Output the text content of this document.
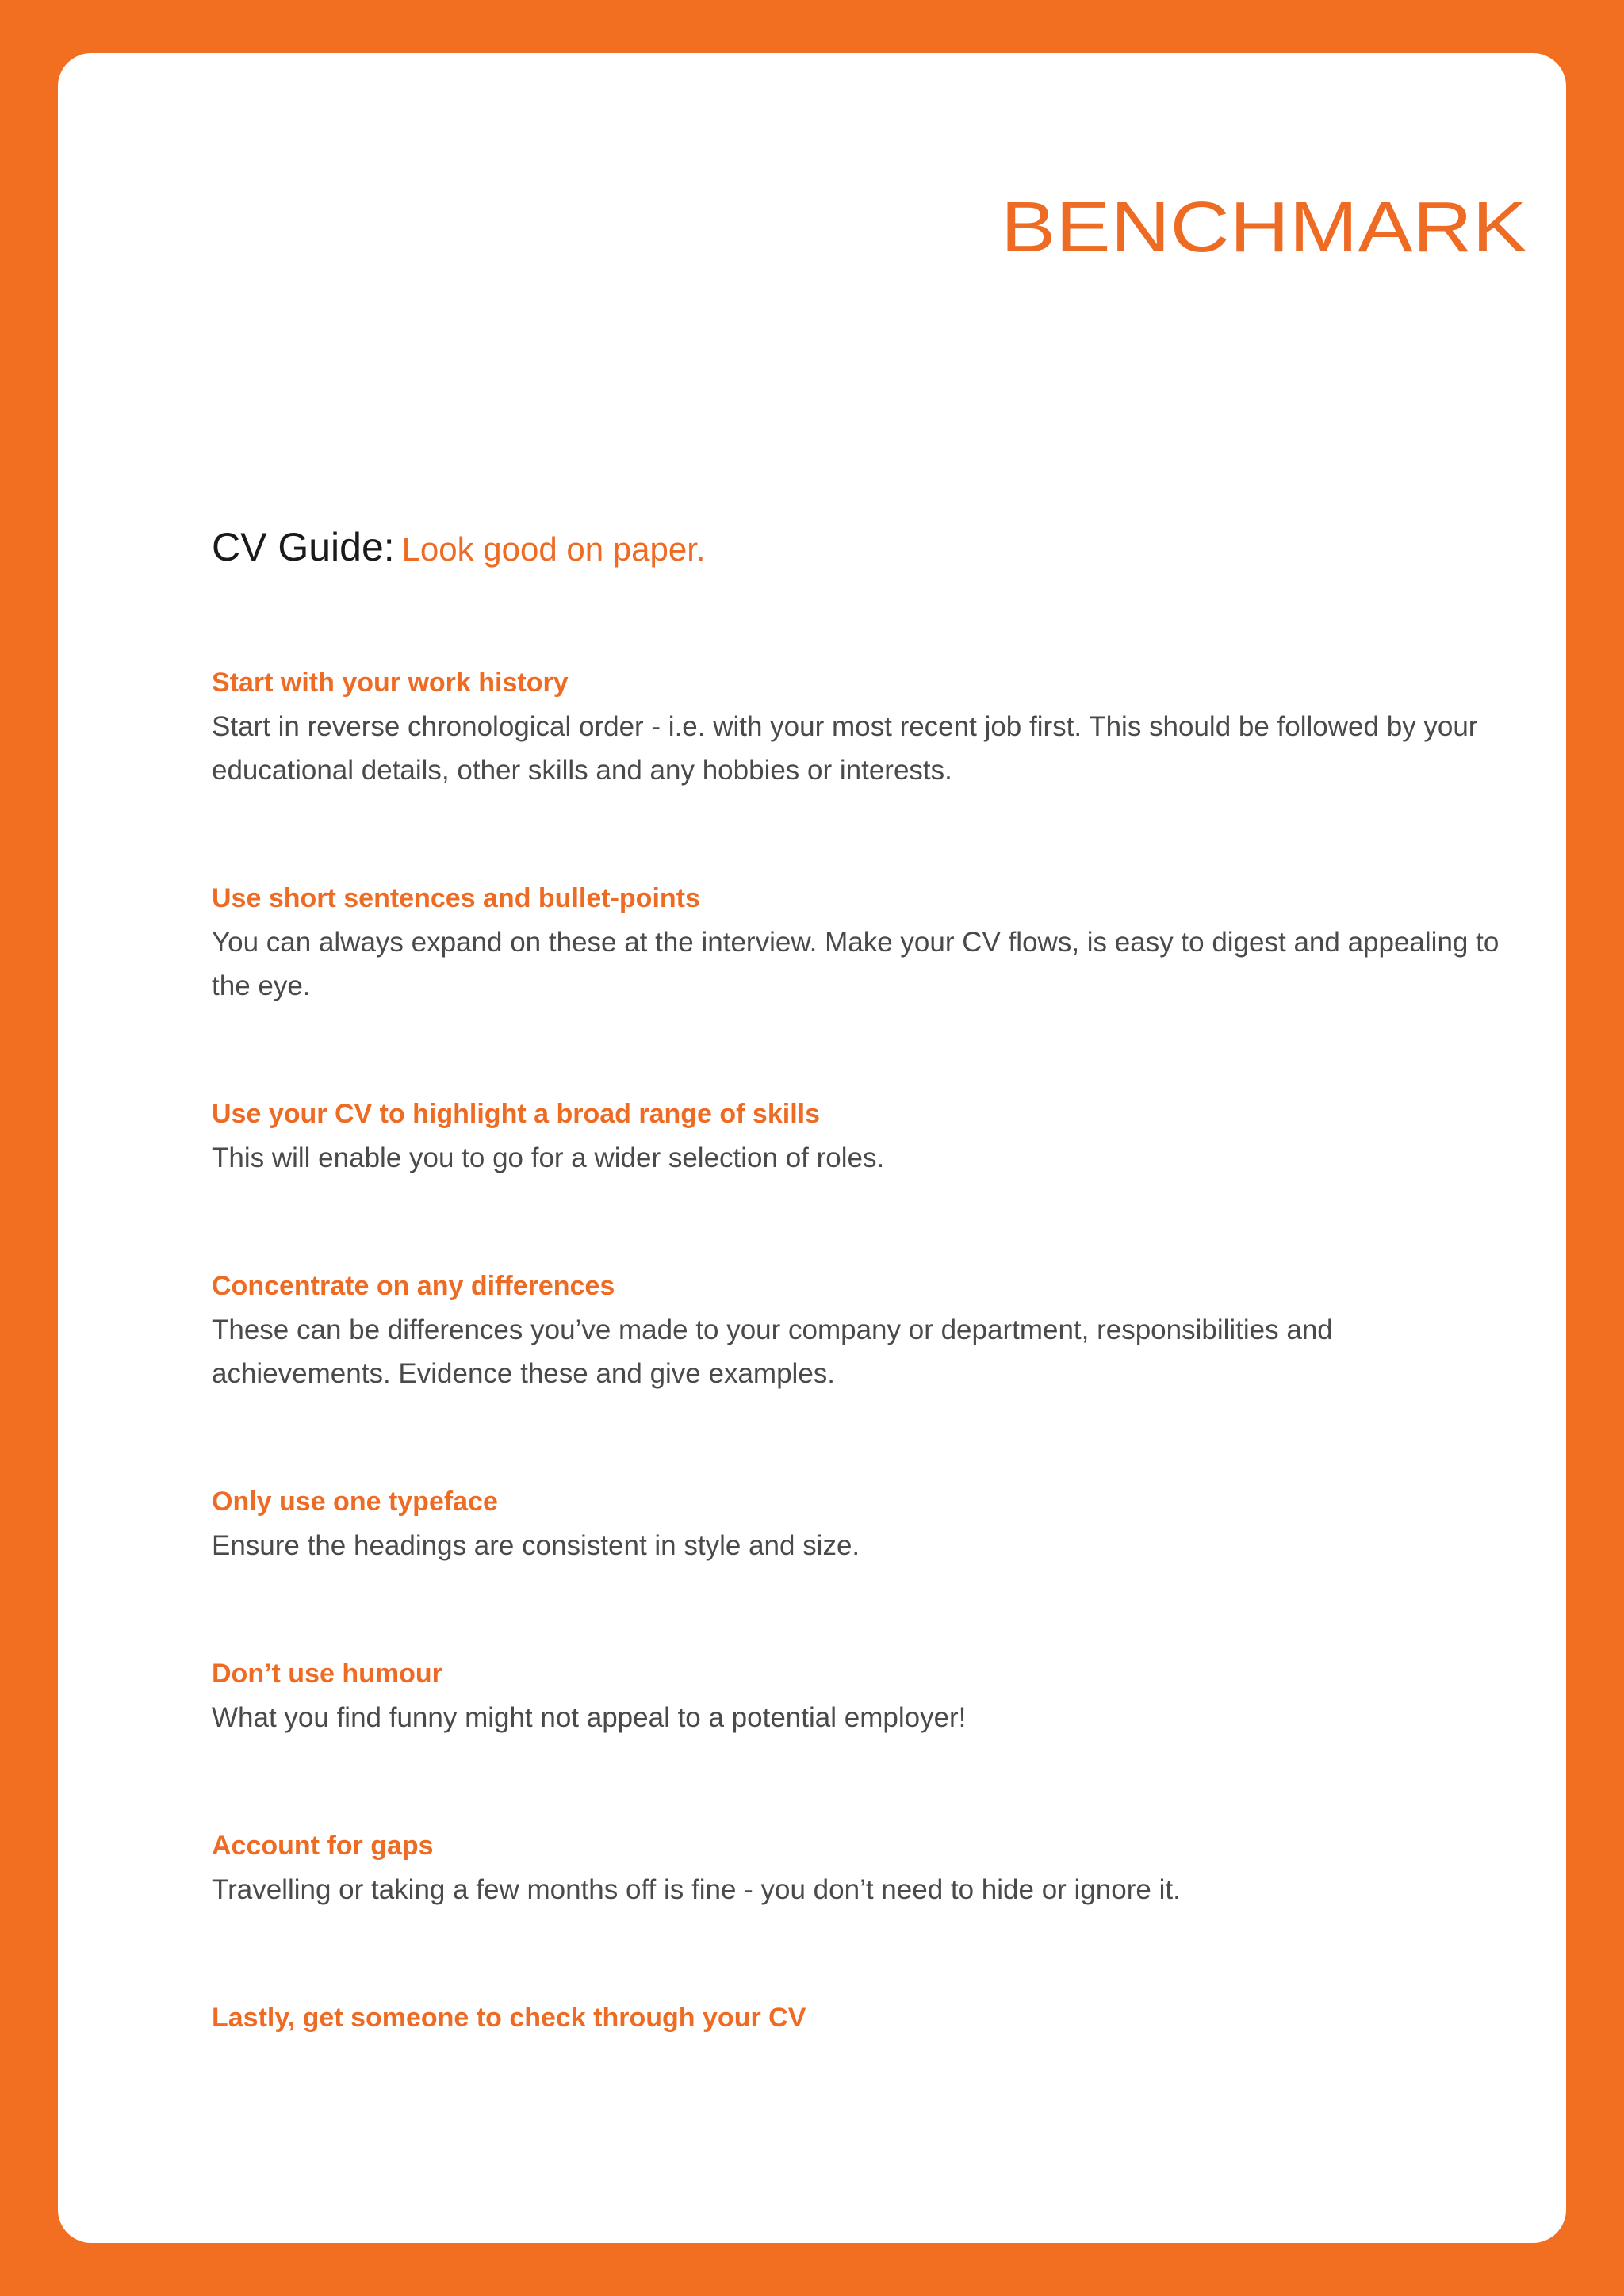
BENCHMARK
CV Guide: Look good on paper.
Start with your work history
Start in reverse chronological order - i.e. with your most recent job first. This should be followed by your educational details, other skills and any hobbies or interests.
Use short sentences and bullet-points
You can always expand on these at the interview. Make your CV flows, is easy to digest and appealing to the eye.
Use your CV to highlight a broad range of skills
This will enable you to go for a wider selection of roles.
Concentrate on any differences
These can be differences you’ve made to your company or department, responsibilities and achievements. Evidence these and give examples.
Only use one typeface
Ensure the headings are consistent in style and size.
Don’t use humour
What you find funny might not appeal to a potential employer!
Account for gaps
Travelling or taking a few months off is fine - you don’t need to hide or ignore it.
Lastly, get someone to check through your CV
